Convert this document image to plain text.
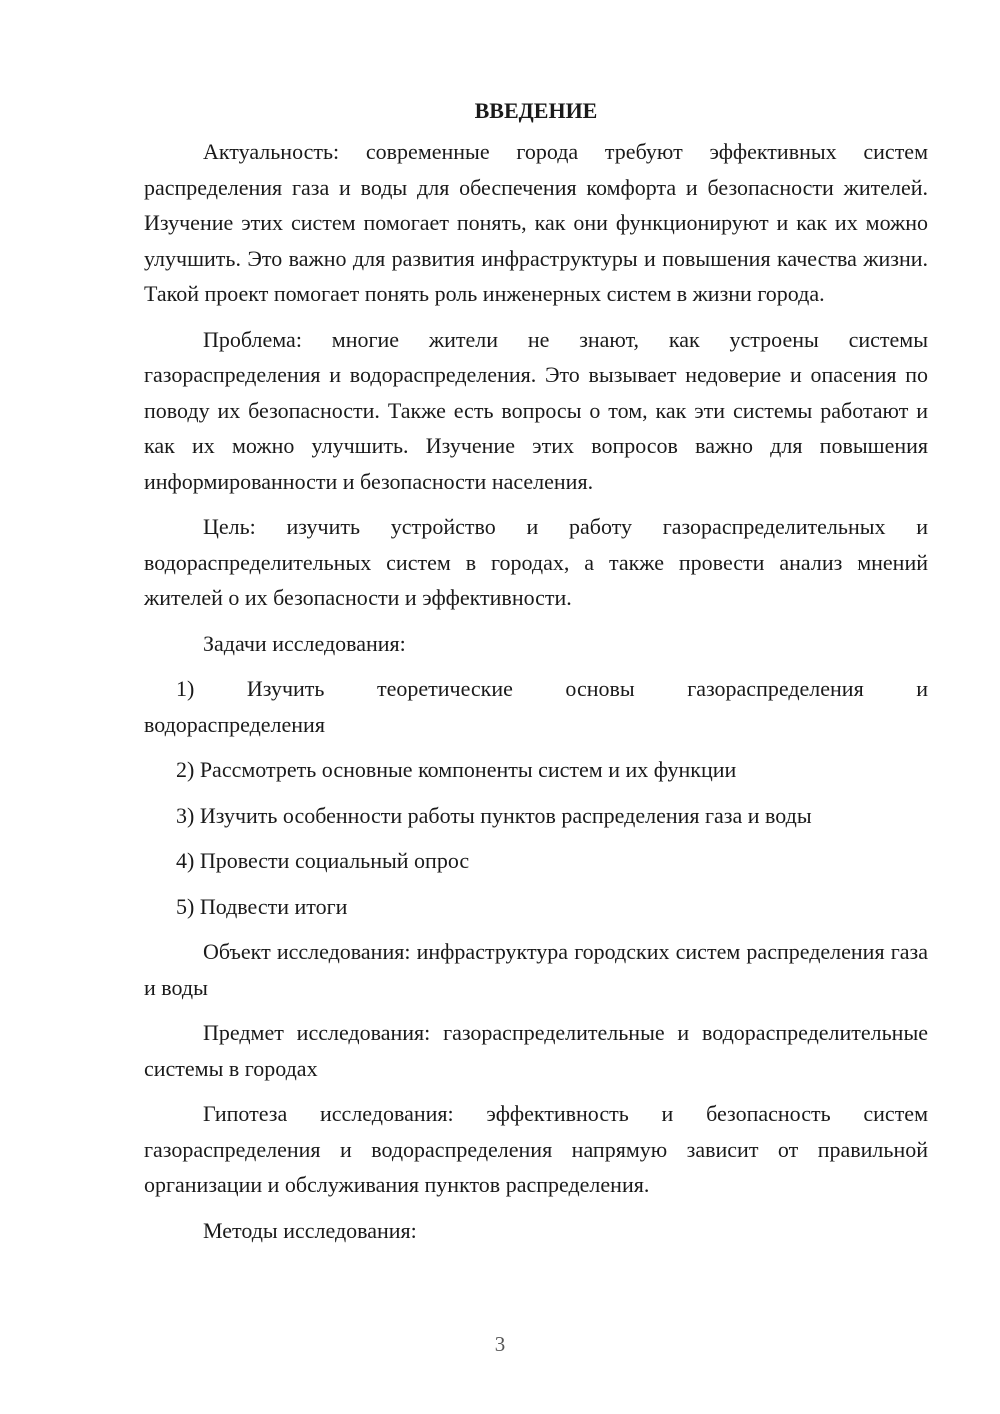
ВВЕДЕНИЕ

Актуальность: современные города требуют эффективных систем распределения газа и воды для обеспечения комфорта и безопасности жителей. Изучение этих систем помогает понять, как они функционируют и как их можно улучшить. Это важно для развития инфраструктуры и повышения качества жизни. Такой проект помогает понять роль инженерных систем в жизни города.

Проблема: многие жители не знают, как устроены системы газораспределения и водораспределения. Это вызывает недоверие и опасения по поводу их безопасности. Также есть вопросы о том, как эти системы работают и как их можно улучшить. Изучение этих вопросов важно для повышения информированности и безопасности населения.

Цель: изучить устройство и работу газораспределительных и водораспределительных систем в городах, а также провести анализ мнений жителей о их безопасности и эффективности.

Задачи исследования:

1) Изучить теоретические основы газораспределения и
водораспределения

2) Рассмотреть основные компоненты систем и их функции

3) Изучить особенности работы пунктов распределения газа и воды

4) Провести социальный опрос

5) Подвести итоги

Объект исследования: инфраструктура городских систем распределения газа и воды

Предмет исследования: газораспределительные и водораспределительные системы в городах

Гипотеза исследования: эффективность и безопасность систем газораспределения и водораспределения напрямую зависит от правильной организации и обслуживания пунктов распределения.

Методы исследования:

3
